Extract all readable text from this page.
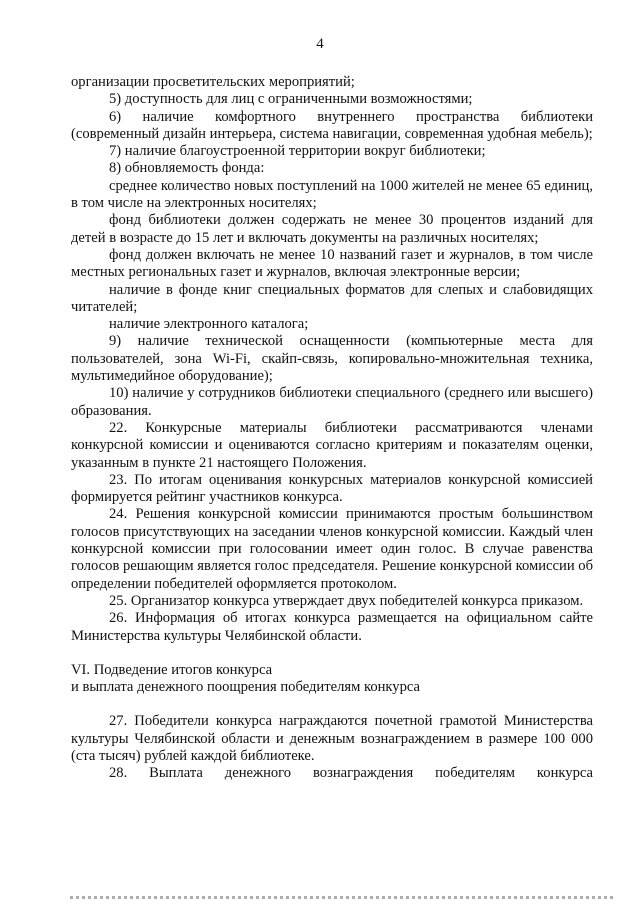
4

организации просветительских мероприятий;

5) доступность для лиц с ограниченными возможностями;

6) наличие комфортного внутреннего пространства библиотеки (современный дизайн интерьера, система навигации, современная удобная мебель);

7) наличие благоустроенной территории вокруг библиотеки;

8) обновляемость фонда:

среднее количество новых поступлений на 1000 жителей не менее 65 единиц, в том числе на электронных носителях;

фонд библиотеки должен содержать не менее 30 процентов изданий для детей в возрасте до 15 лет и включать документы на различных носителях;

фонд должен включать не менее 10 названий газет и журналов, в том числе местных региональных газет и журналов, включая электронные версии;

наличие в фонде книг специальных форматов для слепых и слабовидящих читателей;

наличие электронного каталога;

9) наличие технической оснащенности (компьютерные места для пользователей, зона Wi-Fi, скайп-связь, копировально-множительная техника, мультимедийное оборудование);

10) наличие у сотрудников библиотеки специального (среднего или высшего) образования.

22. Конкурсные материалы библиотеки рассматриваются членами конкурсной комиссии и оцениваются согласно критериям и показателям оценки, указанным в пункте 21 настоящего Положения.

23. По итогам оценивания конкурсных материалов конкурсной комиссией формируется рейтинг участников конкурса.

24. Решения конкурсной комиссии принимаются простым большинством голосов присутствующих на заседании членов конкурсной комиссии. Каждый член конкурсной комиссии при голосовании имеет один голос. В случае равенства голосов решающим является голос председателя. Решение конкурсной комиссии об определении победителей оформляется протоколом.

25. Организатор конкурса утверждает двух победителей конкурса приказом.

26. Информация об итогах конкурса размещается на официальном сайте Министерства культуры Челябинской области.

VI. Подведение итогов конкурса

и выплата денежного поощрения победителям конкурса

27. Победители конкурса награждаются почетной грамотой Министерства культуры Челябинской области и денежным вознаграждением в размере 100 000 (ста тысяч) рублей каждой библиотеке.

28. Выплата денежного вознаграждения победителям конкурса
